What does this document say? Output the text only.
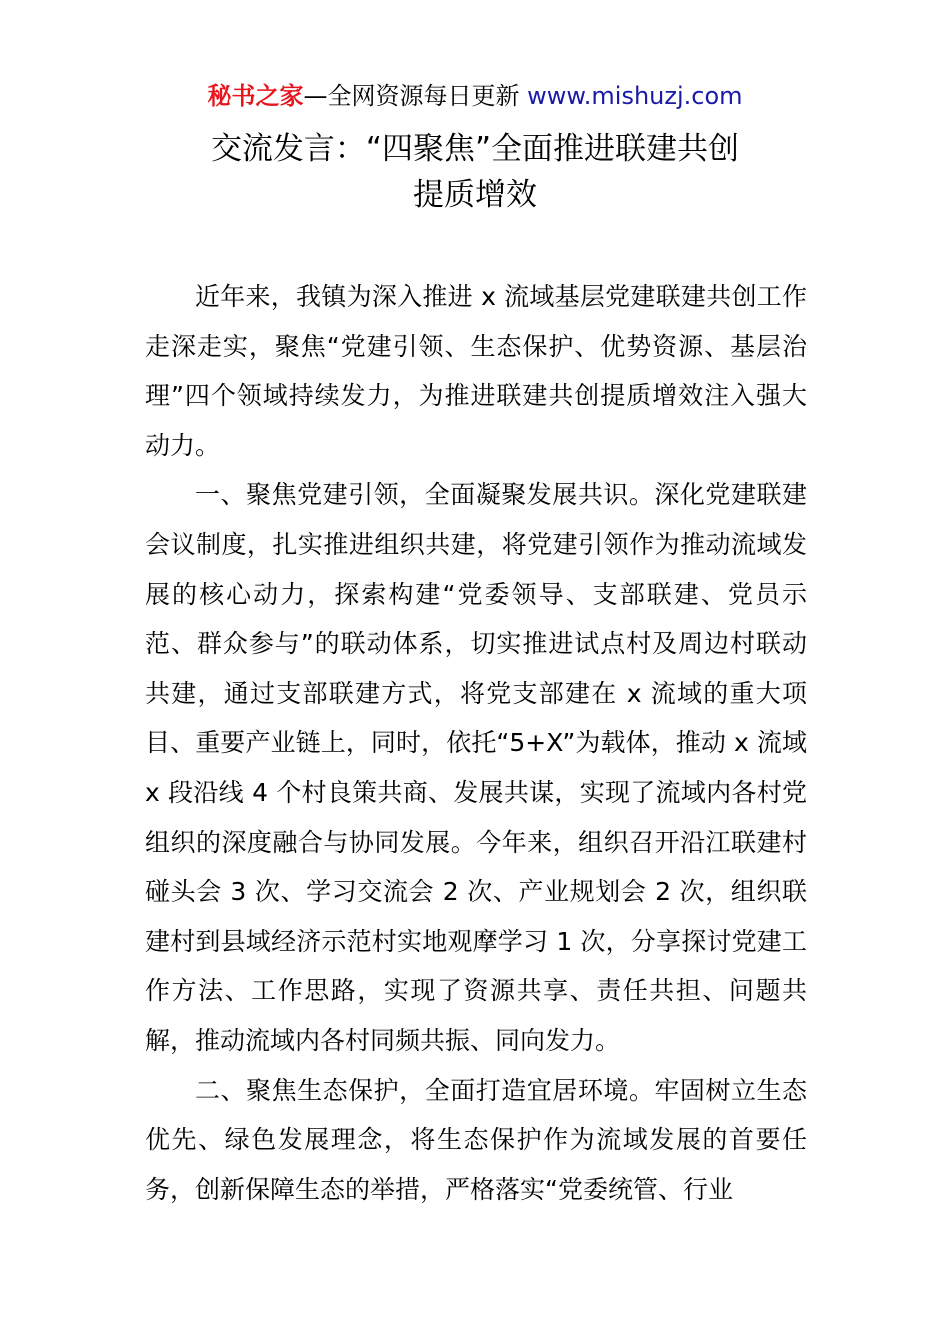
秘书之家—全网资源每日更新 www.mishuzj.com
交流发言：“四聚焦”全面推进联建共创
提质增效

近年来，我镇为深入推进 x 流域基层党建联建共创工作走深走实，聚焦“党建引领、生态保护、优势资源、基层治理”四个领域持续发力，为推进联建共创提质增效注入强大动力。

一、聚焦党建引领，全面凝聚发展共识。深化党建联建会议制度，扎实推进组织共建，将党建引领作为推动流域发展的核心动力，探索构建“党委领导、支部联建、党员示范、群众参与”的联动体系，切实推进试点村及周边村联动共建，通过支部联建方式，将党支部建在 x 流域的重大项目、重要产业链上，同时，依托“5+X”为载体，推动 x 流域 x 段沿线 4 个村良策共商、发展共谋，实现了流域内各村党组织的深度融合与协同发展。今年来，组织召开沿江联建村碰头会 3 次、学习交流会 2 次、产业规划会 2 次，组织联建村到县域经济示范村实地观摩学习 1 次，分享探讨党建工作方法、工作思路，实现了资源共享、责任共担、问题共解，推动流域内各村同频共振、同向发力。

二、聚焦生态保护，全面打造宜居环境。牢固树立生态优先、绿色发展理念，将生态保护作为流域发展的首要任务，创新保障生态的举措，严格落实“党委统管、行业
